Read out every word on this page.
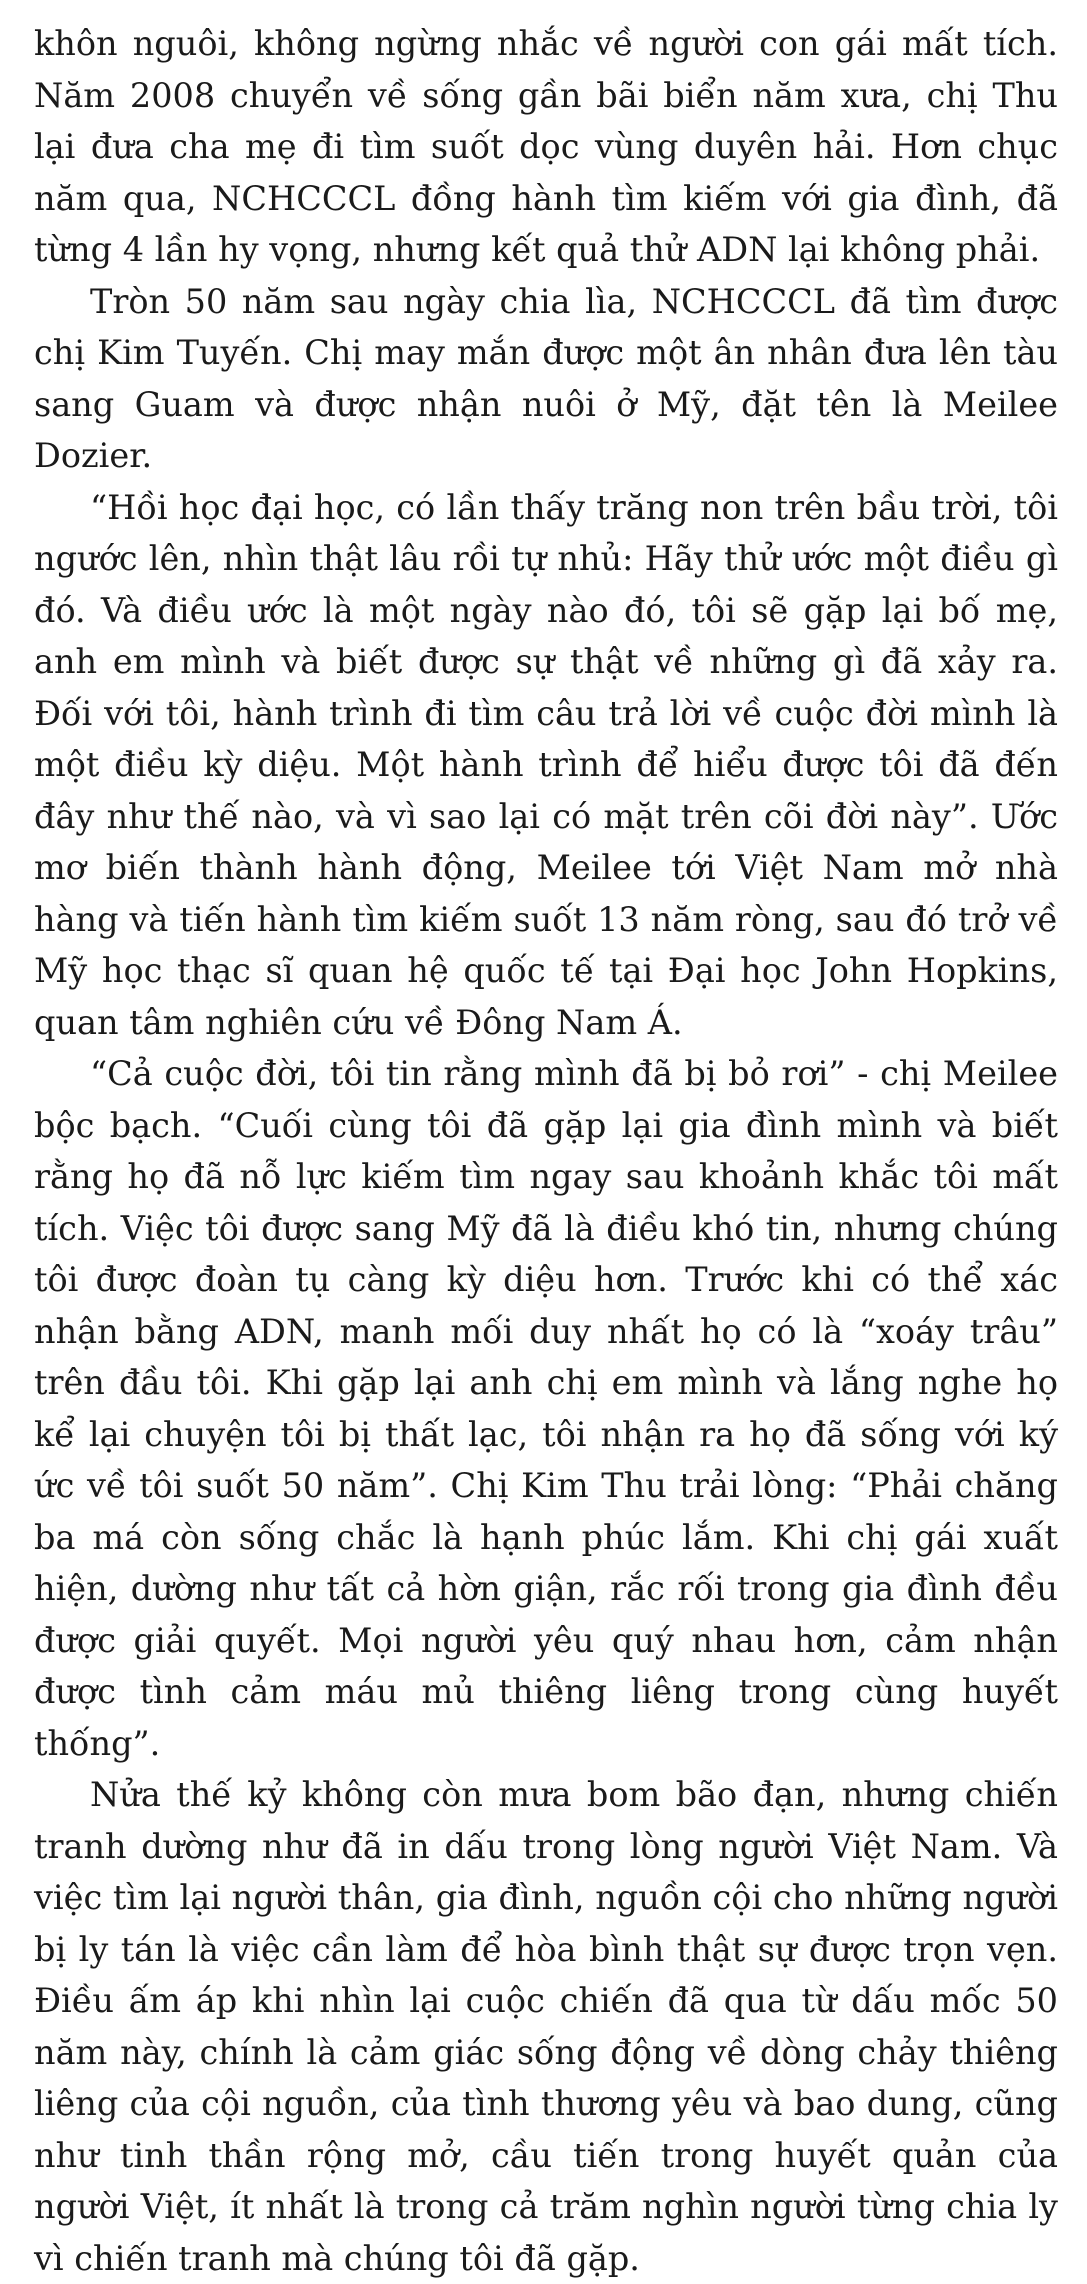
khôn nguôi, không ngừng nhắc về người con gái mất tích. Năm 2008 chuyển về sống gần bãi biển năm xưa, chị Thu lại đưa cha mẹ đi tìm suốt dọc vùng duyên hải. Hơn chục năm qua, NCHCCCL đồng hành tìm kiếm với gia đình, đã từng 4 lần hy vọng, nhưng kết quả thử ADN lại không phải.

Tròn 50 năm sau ngày chia lìa, NCHCCCL đã tìm được chị Kim Tuyến. Chị may mắn được một ân nhân đưa lên tàu sang Guam và được nhận nuôi ở Mỹ, đặt tên là Meilee Dozier.

“Hồi học đại học, có lần thấy trăng non trên bầu trời, tôi ngước lên, nhìn thật lâu rồi tự nhủ: Hãy thử ước một điều gì đó. Và điều ước là một ngày nào đó, tôi sẽ gặp lại bố mẹ, anh em mình và biết được sự thật về những gì đã xảy ra. Đối với tôi, hành trình đi tìm câu trả lời về cuộc đời mình là một điều kỳ diệu. Một hành trình để hiểu được tôi đã đến đây như thế nào, và vì sao lại có mặt trên cõi đời này”. Ước mơ biến thành hành động, Meilee tới Việt Nam mở nhà hàng và tiến hành tìm kiếm suốt 13 năm ròng, sau đó trở về Mỹ học thạc sĩ quan hệ quốc tế tại Đại học John Hopkins, quan tâm nghiên cứu về Đông Nam Á.

“Cả cuộc đời, tôi tin rằng mình đã bị bỏ rơi” - chị Meilee bộc bạch. “Cuối cùng tôi đã gặp lại gia đình mình và biết rằng họ đã nỗ lực kiếm tìm ngay sau khoảnh khắc tôi mất tích. Việc tôi được sang Mỹ đã là điều khó tin, nhưng chúng tôi được đoàn tụ càng kỳ diệu hơn. Trước khi có thể xác nhận bằng ADN, manh mối duy nhất họ có là “xoáy trâu” trên đầu tôi. Khi gặp lại anh chị em mình và lắng nghe họ kể lại chuyện tôi bị thất lạc, tôi nhận ra họ đã sống với ký ức về tôi suốt 50 năm”. Chị Kim Thu trải lòng: “Phải chăng ba má còn sống chắc là hạnh phúc lắm. Khi chị gái xuất hiện, dường như tất cả hờn giận, rắc rối trong gia đình đều được giải quyết. Mọi người yêu quý nhau hơn, cảm nhận được tình cảm máu mủ thiêng liêng trong cùng huyết thống”.

Nửa thế kỷ không còn mưa bom bão đạn, nhưng chiến tranh dường như đã in dấu trong lòng người Việt Nam. Và việc tìm lại người thân, gia đình, nguồn cội cho những người bị ly tán là việc cần làm để hòa bình thật sự được trọn vẹn. Điều ấm áp khi nhìn lại cuộc chiến đã qua từ dấu mốc 50 năm này, chính là cảm giác sống động về dòng chảy thiêng liêng của cội nguồn, của tình thương yêu và bao dung, cũng như tinh thần rộng mở, cầu tiến trong huyết quản của người Việt, ít nhất là trong cả trăm nghìn người từng chia ly vì chiến tranh mà chúng tôi đã gặp.
